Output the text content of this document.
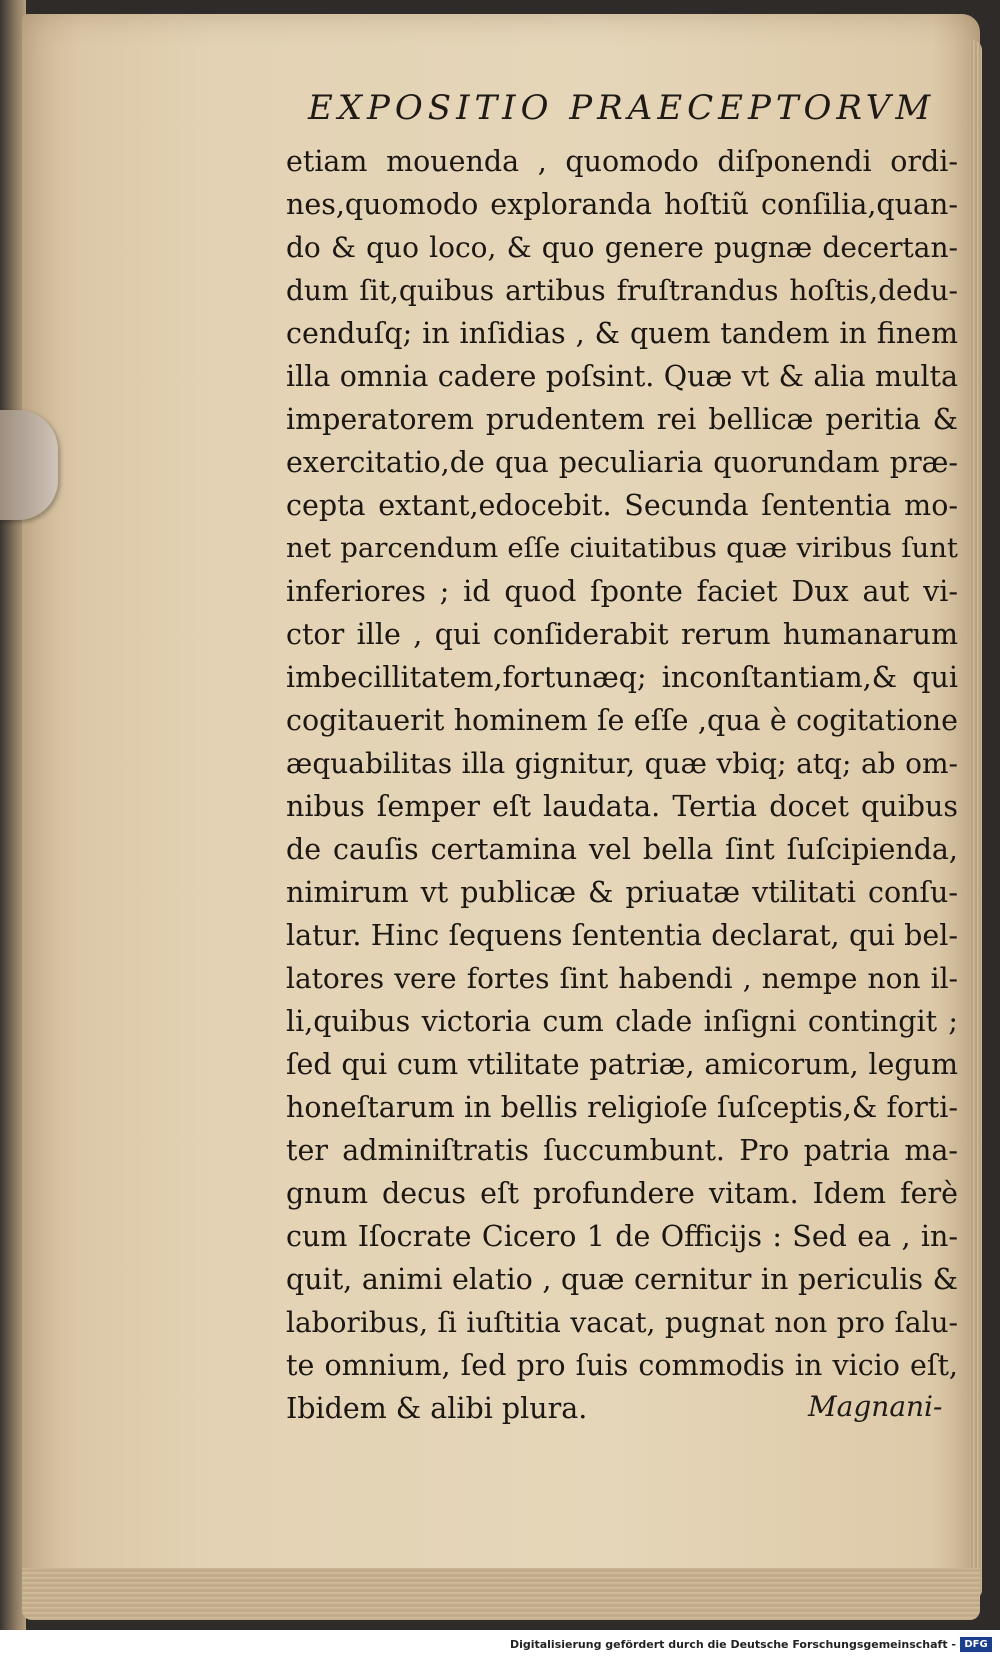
EXPOSITIO PRAECEPTORVM
etiam mouenda , quomodo diſponendi ordi-
nes,quomodo exploranda hoſtiũ conſilia,quan-
do & quo loco, & quo genere pugnæ decertan-
dum ſit,quibus artibus fruſtrandus hoſtis,dedu-
cenduſq; in inſidias , & quem tandem in finem
illa omnia cadere poſsint. Quæ vt & alia multa
imperatorem prudentem rei bellicæ peritia &
exercitatio,de qua peculiaria quorundam præ-
cepta extant,edocebit. Secunda ſententia mo-
net parcendum eſſe ciuitatibus quæ viribus ſunt
inferiores ; id quod ſponte faciet Dux aut vi-
ctor ille , qui conſiderabit rerum humanarum
imbecillitatem,fortunæq; inconſtantiam,& qui
cogitauerit hominem ſe eſſe ,qua è cogitatione
æquabilitas illa gignitur, quæ vbiq; atq; ab om-
nibus ſemper eſt laudata. Tertia docet quibus
de cauſis certamina vel bella ſint ſuſcipienda,
nimirum vt publicæ & priuatæ vtilitati conſu-
latur. Hinc ſequens ſententia declarat, qui bel-
latores vere fortes ſint habendi , nempe non il-
li,quibus victoria cum clade inſigni contingit ;
ſed qui cum vtilitate patriæ, amicorum, legum
honeſtarum in bellis religioſe ſuſceptis,& forti-
ter adminiſtratis ſuccumbunt. Pro patria ma-
gnum decus eſt profundere vitam. Idem ferè
cum Iſocrate Cicero 1 de Officijs : Sed ea , in-
quit, animi elatio , quæ cernitur in periculis &
laboribus, ſi iuſtitia vacat, pugnat non pro ſalu-
te omnium, ſed pro ſuis commodis in vicio eſt,
Ibidem & alibi plura.	Magnani-
Digitalisierung gefördert durch die Deutsche Forschungsgemeinschaft - DFG
